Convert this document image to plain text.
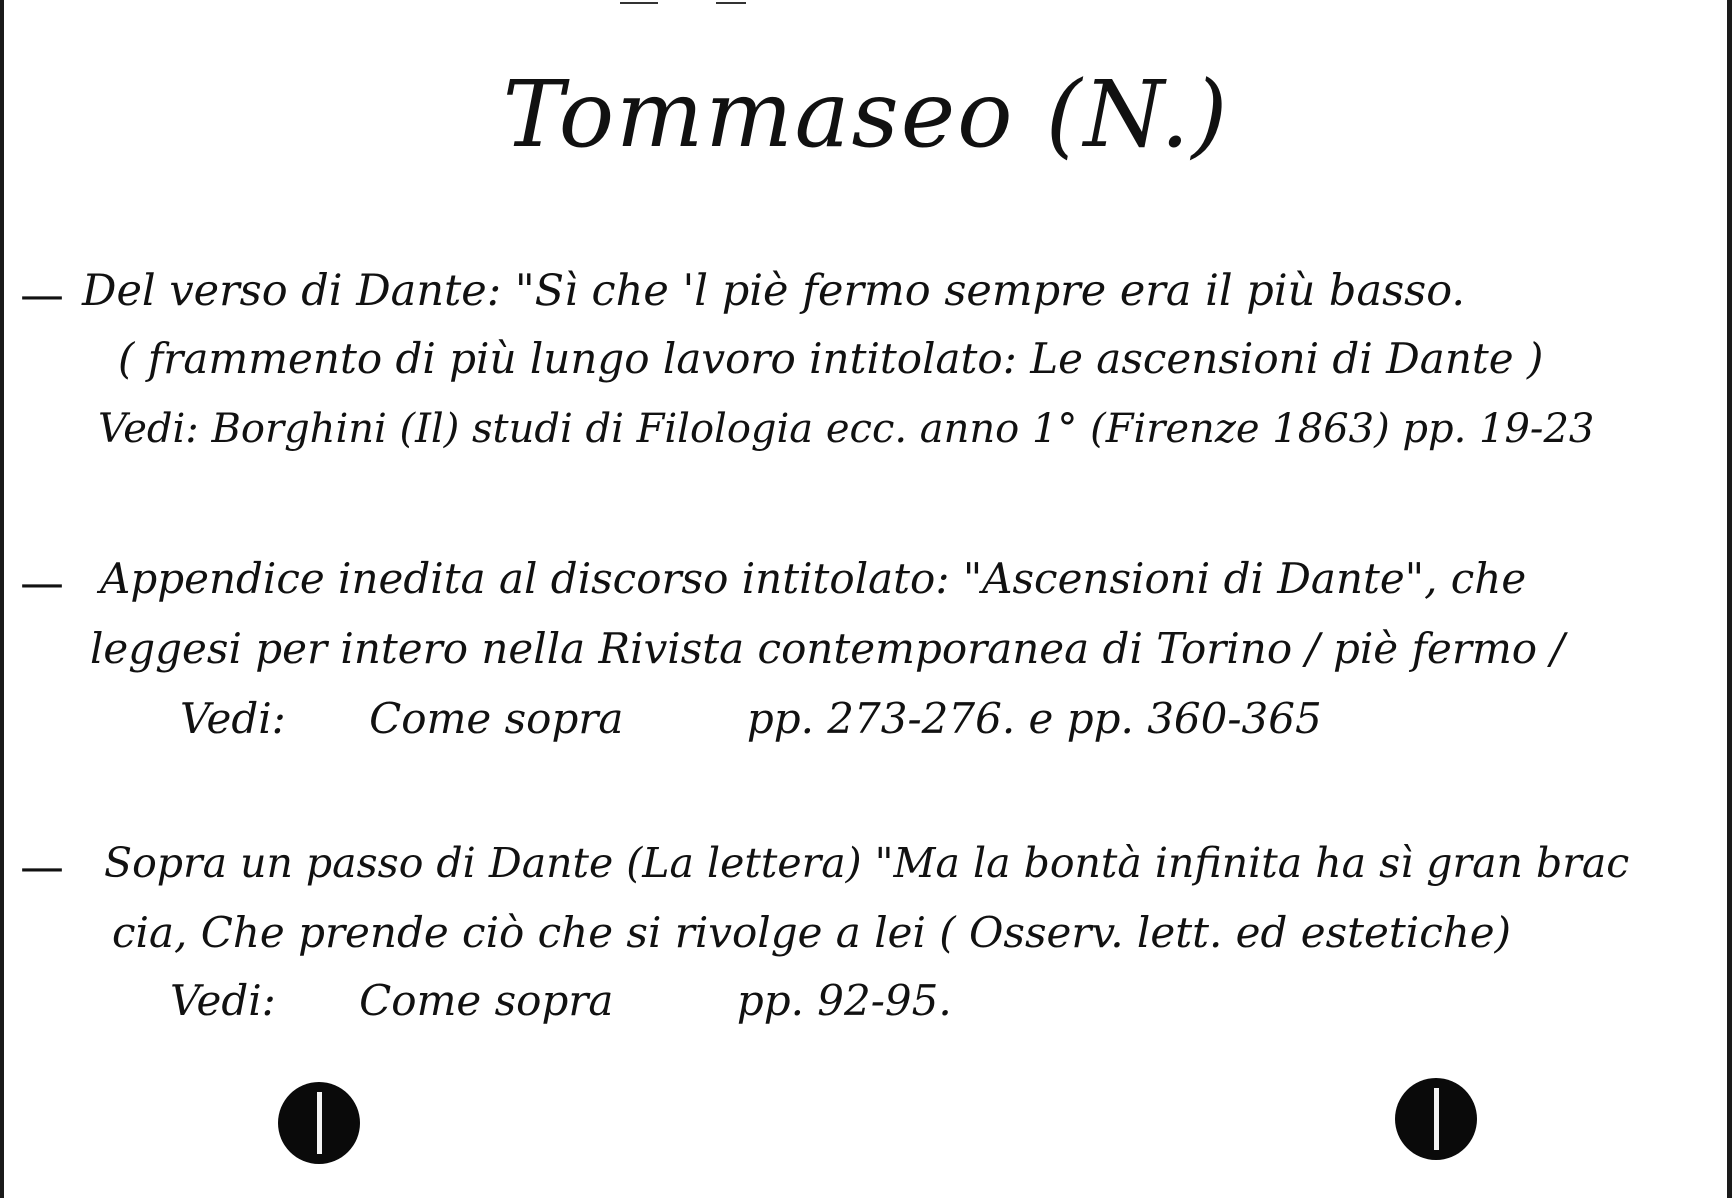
Tommaseo (N.)
— Del verso di Dante: "Sì che 'l piè fermo sempre era il più basso.
( frammento di più lungo lavoro intitolato: Le ascensioni di Dante )
Vedi: Borghini (Il) studi di Filologia ecc. anno 1° (Firenze 1863) pp. 19-23
— Appendice inedita al discorso intitolato: "Ascensioni di Dante", che
leggesi per intero nella Rivista contemporanea di Torino / piè fermo /
Vedi: Come sopra	pp. 273-276. e pp. 360-365
— Sopra un passo di Dante (La lettera) "Ma la bontà infinita ha sì gran brac
cia, Che prende ciò che si rivolge a lei ( Osserv. lett. ed estetiche)
Vedi: Come sopra	pp. 92-95.
